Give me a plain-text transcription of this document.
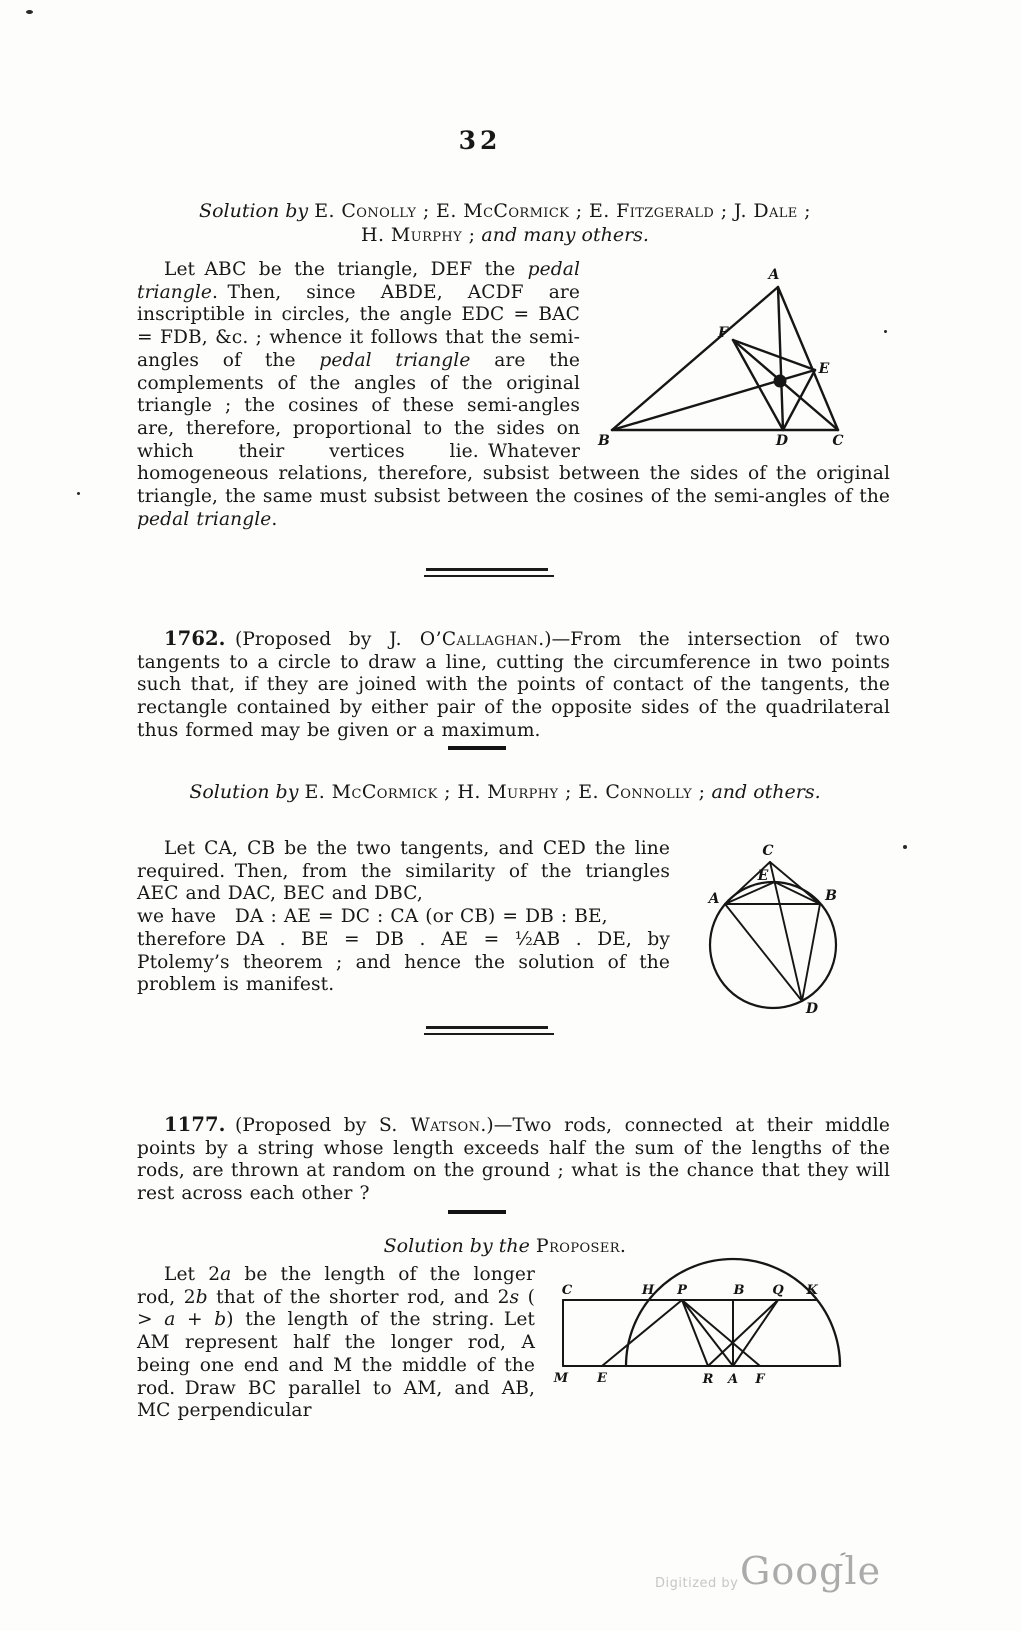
32
Solution by E. Conolly ; E. McCormick ; E. Fitzgerald ; J. Dale ;
H. Murphy ; and many others.

A
B	C
D
E
F
Let ABC be the triangle, DEF the pedal triangle. Then, since ABDE, ACDF are inscriptible in circles, the angle EDC = BAC = FDB, &c. ; whence it follows that the semi-angles of the pedal triangle are the complements of the angles of the original triangle ; the cosines of these semi-angles are, therefore, proportional to the sides on which their vertices lie. Whatever homogeneous relations, therefore, subsist between the sides of the original triangle, the same must subsist between the cosines of the semi-angles of the pedal triangle.

1762. (Proposed by J. O’Callaghan.)—From the intersection of two tangents to a circle to draw a line, cutting the circumference in two points such that, if they are joined with the points of contact of the tangents, the rectangle contained by either pair of the opposite sides of the quadrilateral thus formed may be given or a maximum.

Solution by E. McCormick ; H. Murphy ; E. Connolly ; and others.

Let CA, CB be the two tangents, and CED the line required. Then, from the similarity of the triangles AEC and DAC, BEC and DBC,
we have  DA : AE = DC : CA (or CB) = DB : BE,
therefore DA . BE = DB . AE = ½AB . DE, by Ptolemy’s theorem ; and hence the solution of the problem is manifest.

C
E
A	B
D

1177. (Proposed by S. Watson.)—Two rods, connected at their middle points by a string whose length exceeds half the sum of the lengths of the rods, are thrown at random on the ground ; what is the chance that they will rest across each other ?

Solution by the Proposer.

Let 2a be the length of the longer rod, 2b that of the shorter rod, and 2s ( > a + b) the length of the string. Let AM represent half the longer rod, A being one end and M the middle of the rod. Draw BC parallel to AM, and AB, MC perpendicular

C	H P	B Q K
M E	R A F
Digitized by Google
